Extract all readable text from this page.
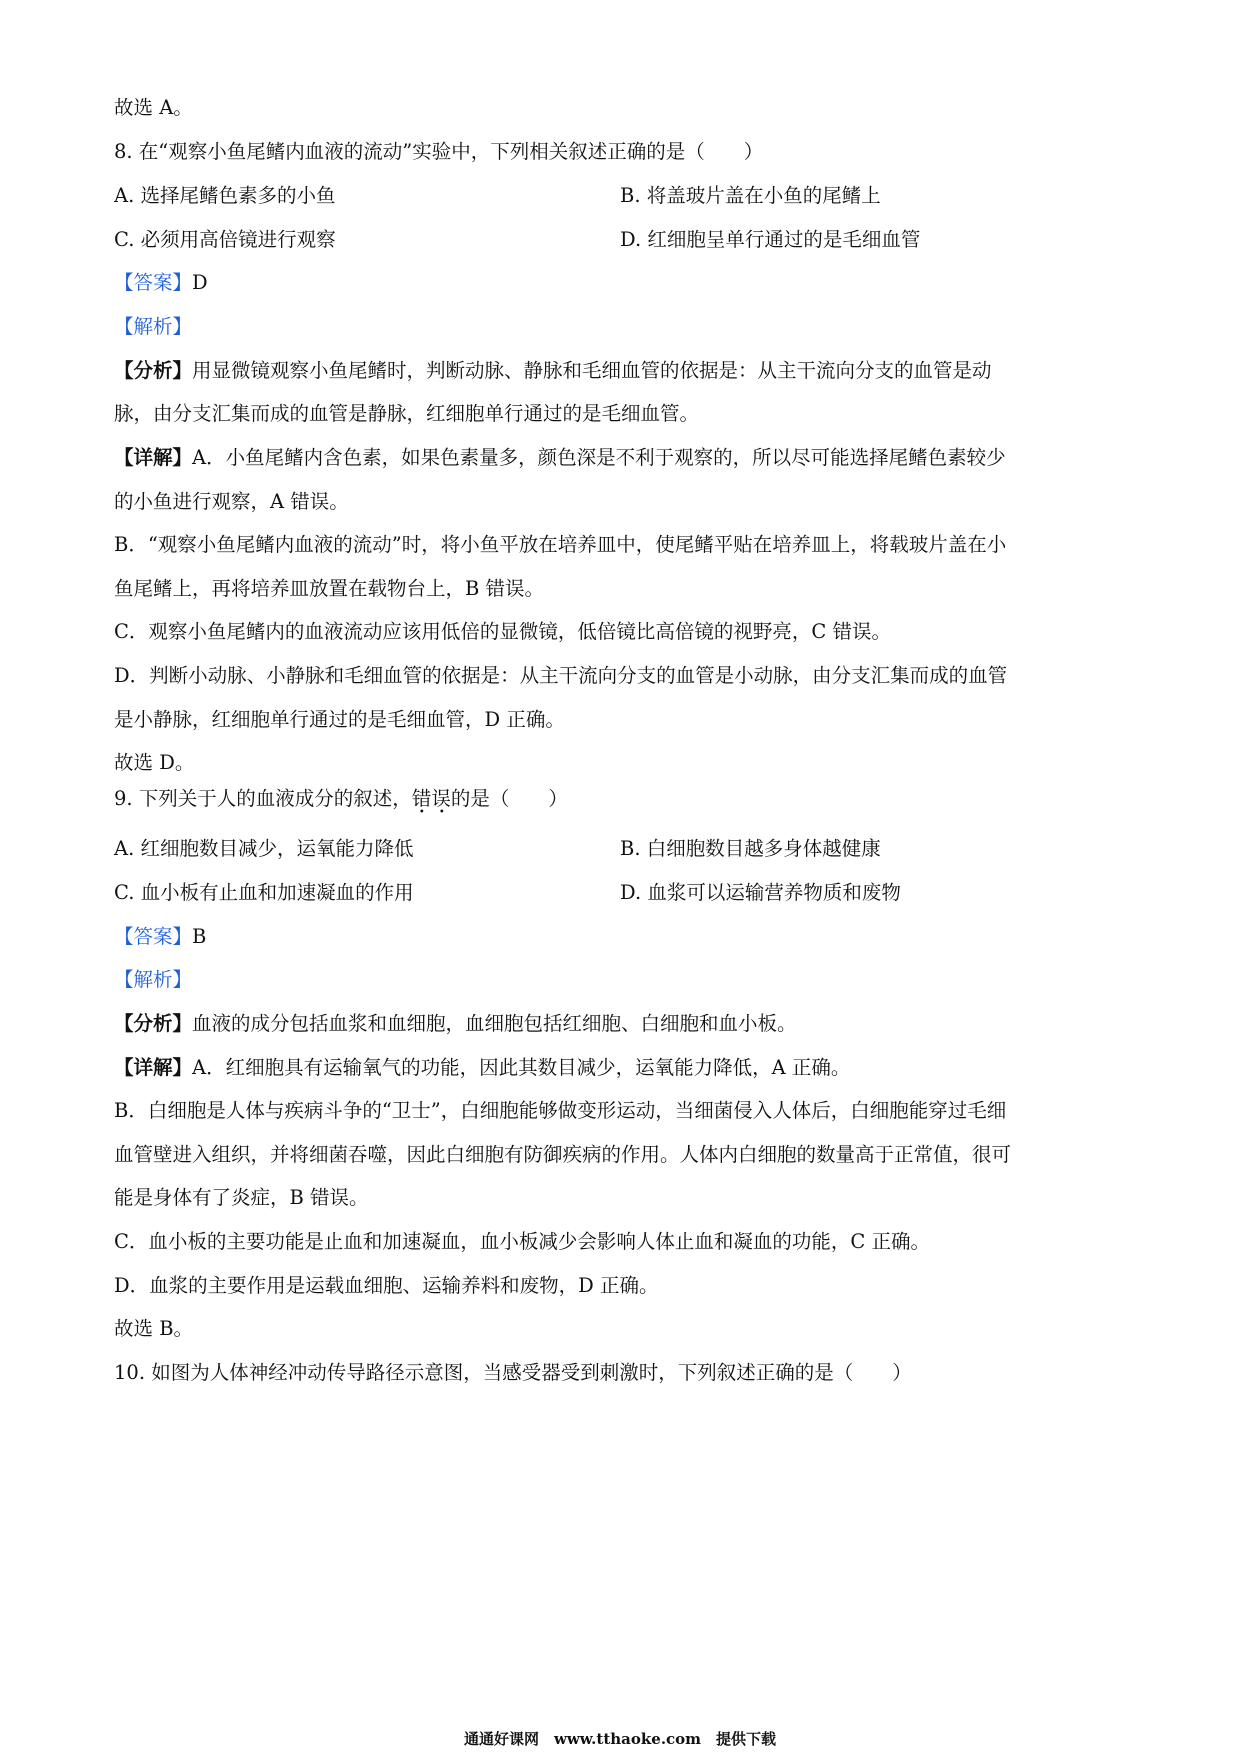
故选 A。
8. 在“观察小鱼尾鳍内血液的流动”实验中，下列相关叙述正确的是（　　）
A. 选择尾鳍色素多的小鱼	B. 将盖玻片盖在小鱼的尾鳍上
C. 必须用高倍镜进行观察	D. 红细胞呈单行通过的是毛细血管
【答案】D
【解析】
【分析】用显微镜观察小鱼尾鳍时，判断动脉、静脉和毛细血管的依据是：从主干流向分支的血管是动
脉，由分支汇集而成的血管是静脉，红细胞单行通过的是毛细血管。
【详解】A．小鱼尾鳍内含色素，如果色素量多，颜色深是不利于观察的，所以尽可能选择尾鳍色素较少
的小鱼进行观察，A 错误。
B．“观察小鱼尾鳍内血液的流动”时，将小鱼平放在培养皿中，使尾鳍平贴在培养皿上，将载玻片盖在小
鱼尾鳍上，再将培养皿放置在载物台上，B 错误。
C．观察小鱼尾鳍内的血液流动应该用低倍的显微镜，低倍镜比高倍镜的视野亮，C 错误。
D．判断小动脉、小静脉和毛细血管的依据是：从主干流向分支的血管是小动脉，由分支汇集而成的血管
是小静脉，红细胞单行通过的是毛细血管，D 正确。
故选 D。
9. 下列关于人的血液成分的叙述，错误
• •
的是（　　）
A. 红细胞数目减少，运氧能力降低	B. 白细胞数目越多身体越健康
C. 血小板有止血和加速凝血的作用	D. 血浆可以运输营养物质和废物
【答案】B
【解析】
【分析】血液的成分包括血浆和血细胞，血细胞包括红细胞、白细胞和血小板。
【详解】A．红细胞具有运输氧气的功能，因此其数目减少，运氧能力降低，A 正确。
B．白细胞是人体与疾病斗争的“卫士”，白细胞能够做变形运动，当细菌侵入人体后，白细胞能穿过毛细
血管壁进入组织，并将细菌吞噬，因此白细胞有防御疾病的作用。人体内白细胞的数量高于正常值，很可
能是身体有了炎症，B 错误。
C．血小板的主要功能是止血和加速凝血，血小板减少会影响人体止血和凝血的功能，C 正确。
D．血浆的主要作用是运载血细胞、运输养料和废物，D 正确。
故选 B。
10. 如图为人体神经冲动传导路径示意图，当感受器受到刺激时，下列叙述正确的是（　　）
通通好课网　www.tthaoke.com　提供下载
